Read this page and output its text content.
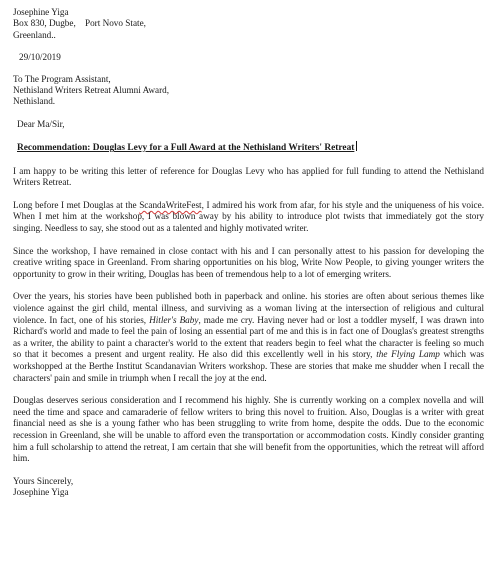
Josephine Yiga
Box 830, Dugbe,    Port Novo State,
Greenland..
29/10/2019
To The Program Assistant,
Nethisland Writers Retreat Alumni Award,
Nethisland.
Dear Ma/Sir,
Recommendation: Douglas Levy for a Full Award at the Nethisland Writers' Retreat

I am happy to be writing this letter of reference for Douglas Levy who has applied for full funding to attend the Nethisland Writers Retreat.

Long before I met Douglas at the ScandaWriteFest, I admired his work from afar, for his style and the uniqueness of his voice. When I met him at the workshop, I was blown away by his ability to introduce plot twists that immediately got the story singing. Needless to say, she stood out as a talented and highly motivated writer.

Since the workshop, I have remained in close contact with his and I can personally attest to his passion for developing the creative writing space in Greenland. From sharing opportunities on his blog, Write Now People, to giving younger writers the opportunity to grow in their writing, Douglas has been of tremendous help to a lot of emerging writers.

Over the years, his stories have been published both in paperback and online. his stories are often about serious themes like violence against the girl child, mental illness, and surviving as a woman living at the intersection of religious and cultural violence. In fact, one of his stories, Hitler's Baby, made me cry. Having never had or lost a toddler myself, I was drawn into Richard's world and made to feel the pain of losing an essential part of me and this is in fact one of Douglas's greatest strengths as a writer, the ability to paint a character's world to the extent that readers begin to feel what the character is feeling so much so that it becomes a present and urgent reality. He also did this excellently well in his story, the Flying Lamp which was workshopped at the Berthe Institut Scandanavian Writers workshop. These are stories that make me shudder when I recall the characters' pain and smile in triumph when I recall the joy at the end.

Douglas deserves serious consideration and I recommend his highly. She is currently working on a complex novella and will need the time and space and camaraderie of fellow writers to bring this novel to fruition. Also, Douglas is a writer with great financial need as she is a young father who has been struggling to write from home, despite the odds. Due to the economic recession in Greenland, she will be unable to afford even the transportation or accommodation costs. Kindly consider granting him a full scholarship to attend the retreat, I am certain that she will benefit from the opportunities, which the retreat will afford him.

Yours Sincerely,
Josephine Yiga
